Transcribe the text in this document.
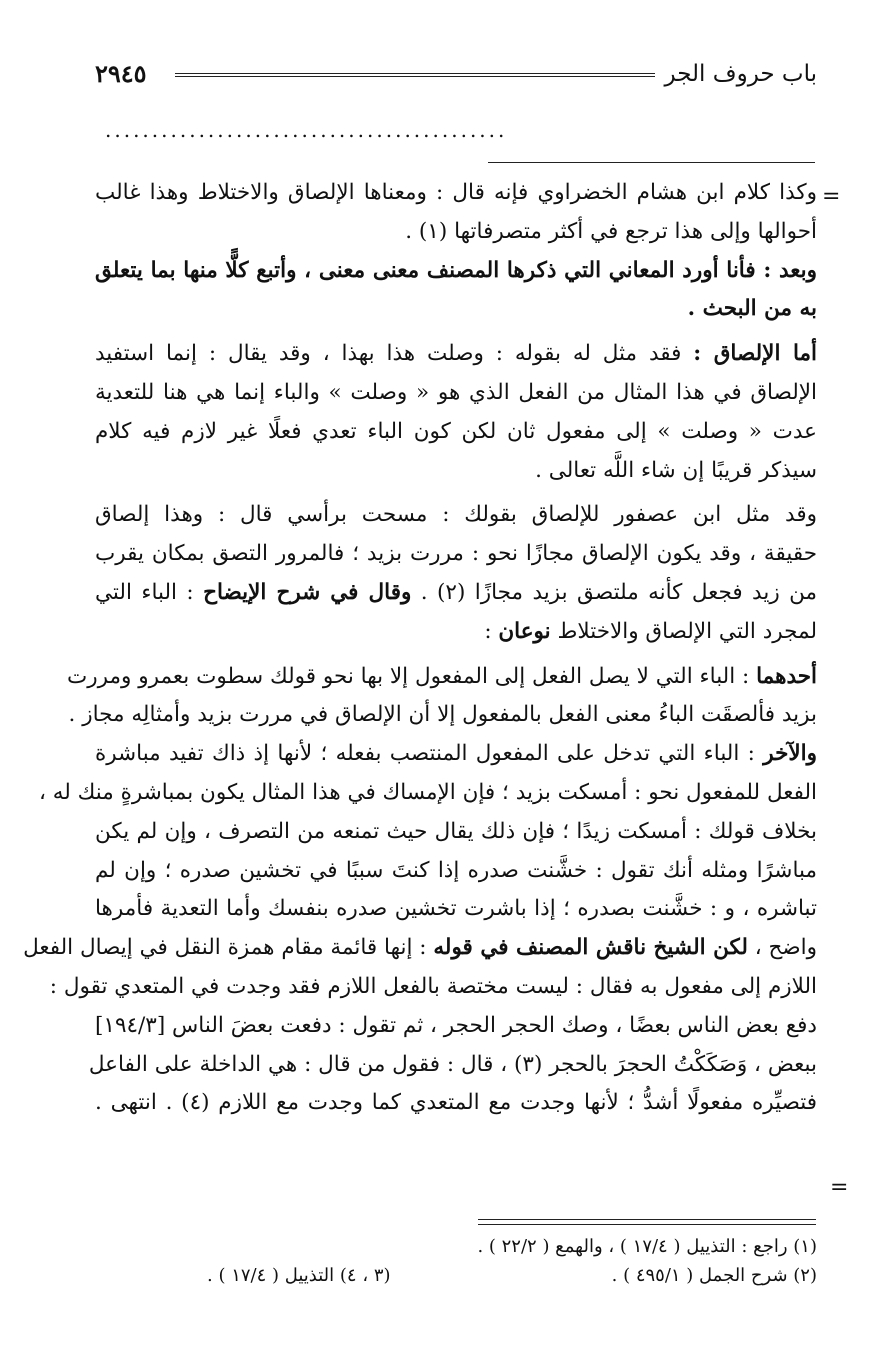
٢٩٤٥	باب حروف الجر
...........................................
=
=
وكذا كلام ابن هشام الخضراوي فإنه قال : ومعناها الإلصاق والاختلاط وهذا غالب
أحوالها وإلى هذا ترجع في أكثر متصرفاتها (١) .
وبعد : فأنا أورد المعاني التي ذكرها المصنف معنى معنى ، وأتبع كلًّا منها بما يتعلق
به من البحث .
أما الإلصاق : فقد مثل له بقوله : وصلت هذا بهذا ، وقد يقال : إنما استفيد
الإلصاق في هذا المثال من الفعل الذي هو « وصلت » والباء إنما هي هنا للتعدية
عدت « وصلت » إلى مفعول ثان لكن كون الباء تعدي فعلًا غير لازم فيه كلام
سيذكر قريبًا إن شاء اللَّه تعالى .
وقد مثل ابن عصفور للإلصاق بقولك : مسحت برأسي قال : وهذا إلصاق
حقيقة ، وقد يكون الإلصاق مجازًا نحو : مررت بزيد ؛ فالمرور التصق بمكان يقرب
من زيد فجعل كأنه ملتصق بزيد مجازًا (٢) . وقال في شرح الإيضاح : الباء التي
لمجرد التي الإلصاق والاختلاط نوعان :
أحدهما : الباء التي لا يصل الفعل إلى المفعول إلا بها نحو قولك سطوت بعمرو ومررت
بزيد فألصقَت الباءُ معنى الفعل بالمفعول إلا أن الإلصاق في مررت بزيد وأمثالِه مجاز .
والآخر : الباء التي تدخل على المفعول المنتصب بفعله ؛ لأنها إذ ذاك تفيد مباشرة
الفعل للمفعول نحو : أمسكت بزيد ؛ فإن الإمساك في هذا المثال يكون بمباشرةٍ منك له ،
بخلاف قولك : أمسكت زيدًا ؛ فإن ذلك يقال حيث تمنعه من التصرف ، وإن لم يكن
مباشرًا ومثله أنك تقول : خشَّنت صدره إذا كنتَ سببًا في تخشين صدره ؛ وإن لم
تباشره ، و : خشَّنت بصدره ؛ إذا باشرت تخشين صدره بنفسك وأما التعدية فأمرها
واضح ، لكن الشيخ ناقش المصنف في قوله : إنها قائمة مقام همزة النقل في إيصال الفعل
اللازم إلى مفعول به فقال : ليست مختصة بالفعل اللازم فقد وجدت في المتعدي تقول :
دفع بعض الناس بعضًا ، وصك الحجر الحجر ، ثم تقول : دفعت بعضَ الناس [١٩٤/٣]
ببعض ، وَصَكَكْتُ الحجرَ بالحجر (٣) ، قال : فقول من قال : هي الداخلة على الفاعل
فتصيِّره مفعولًا أشدُّ ؛ لأنها وجدت مع المتعدي كما وجدت مع اللازم (٤) . انتهى .
(١) راجع : التذييل ( ١٧/٤ ) ، والهمع ( ٢٢/٢ ) .
(٢) شرح الجمل ( ٤٩٥/١ ) .
(٣ ، ٤) التذييل ( ١٧/٤ ) .
